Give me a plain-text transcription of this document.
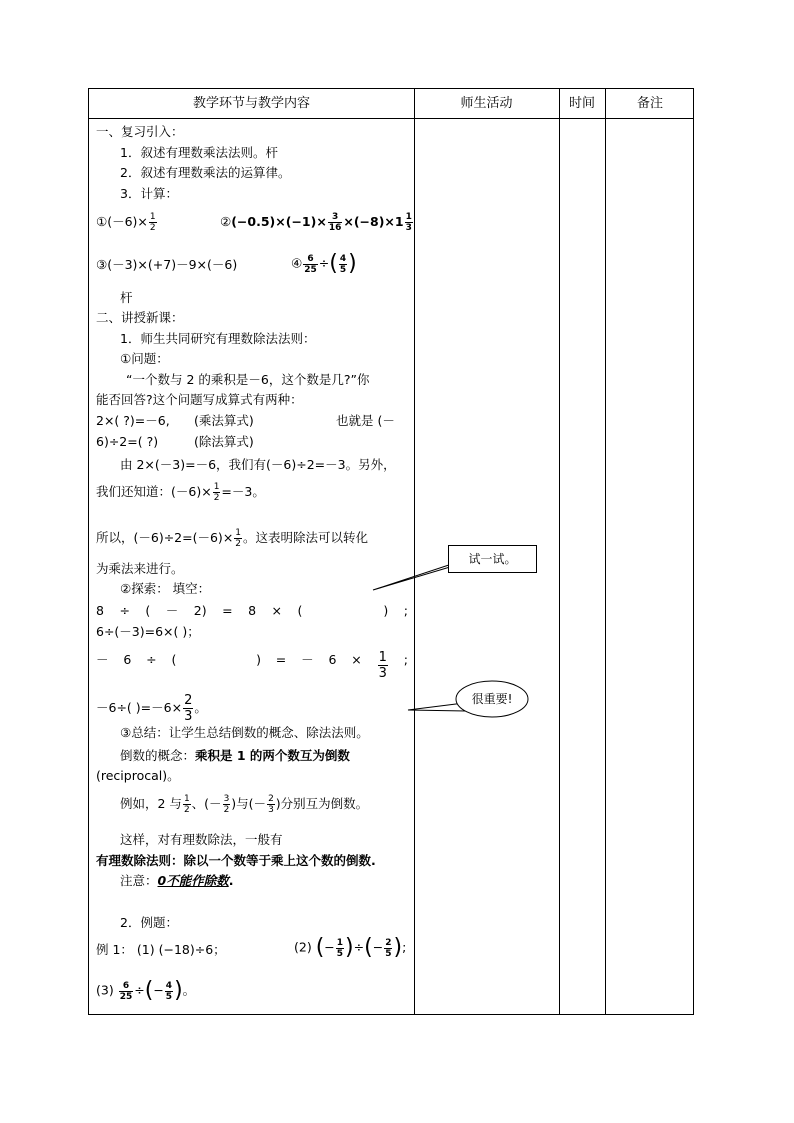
教学环节与教学内容	师生活动	时间	备注
一、复习引入：
1．叙述有理数乘法法则。杆
2．叙述有理数乘法的运算律。
3．计算：
①(－6)× $\frac{1}{2}$	②(−0.5)×(−1)× $\frac{3}{16} \times(-8)\times 1 \frac{1}{3}$
③(－3)×(+7)－9×(－6)	④ $\frac{6}{25}$ ÷( $\frac{4}{5}$ )
杆
二、讲授新课：
1．师生共同研究有理数除法法则：
①问题：
“一个数与 2 的乘积是－6，这个数是几?”你
能否回答?这个问题写成算式有两种：
2×( ?)=－6, (乘法算式)	也就是 (－
6)÷2=( ?)	(除法算式)
由 2×(－3)=－6，我们有(－6)÷2=－3。另外，
我们还知道：$(-6)\times \frac{1}{2} =-3$。
所以，$(-6)\div 2=(-6)\times \frac{1}{2}$ 。这表明除法可以转化
为乘法来进行。
②探索： 填空：
8 ÷ ( － 2) = 8 × (	) ;
6÷(－3)=6×( )；
－ 6 ÷ (	) = － $6 \times \frac{1}{3}$ ;
－6÷( )$=-6\times \frac{2}{3}$ 。
③总结：让学生总结倒数的概念、除法法则。
倒数的概念：乘积是 1 的两个数互为倒数
(reciprocal)。
例如，2 与 $\frac{1}{2}$ 、(－ $\frac{3}{2}$ )与(－ $\frac{2}{3}$ )分别互为倒数。
这样，对有理数除法，一般有
有理数除法则：除以一个数等于乘上这个数的倒数.
注意：0不能作除数.
2．例题：
例 1： (1) (−18)÷6；	(2) (− $\frac{1}{5}$ )÷(− $\frac{2}{5}$ );
$(3) \frac{6}{25}$ ÷(− $\frac{4}{5}$ )。
试一试。
很重要!
